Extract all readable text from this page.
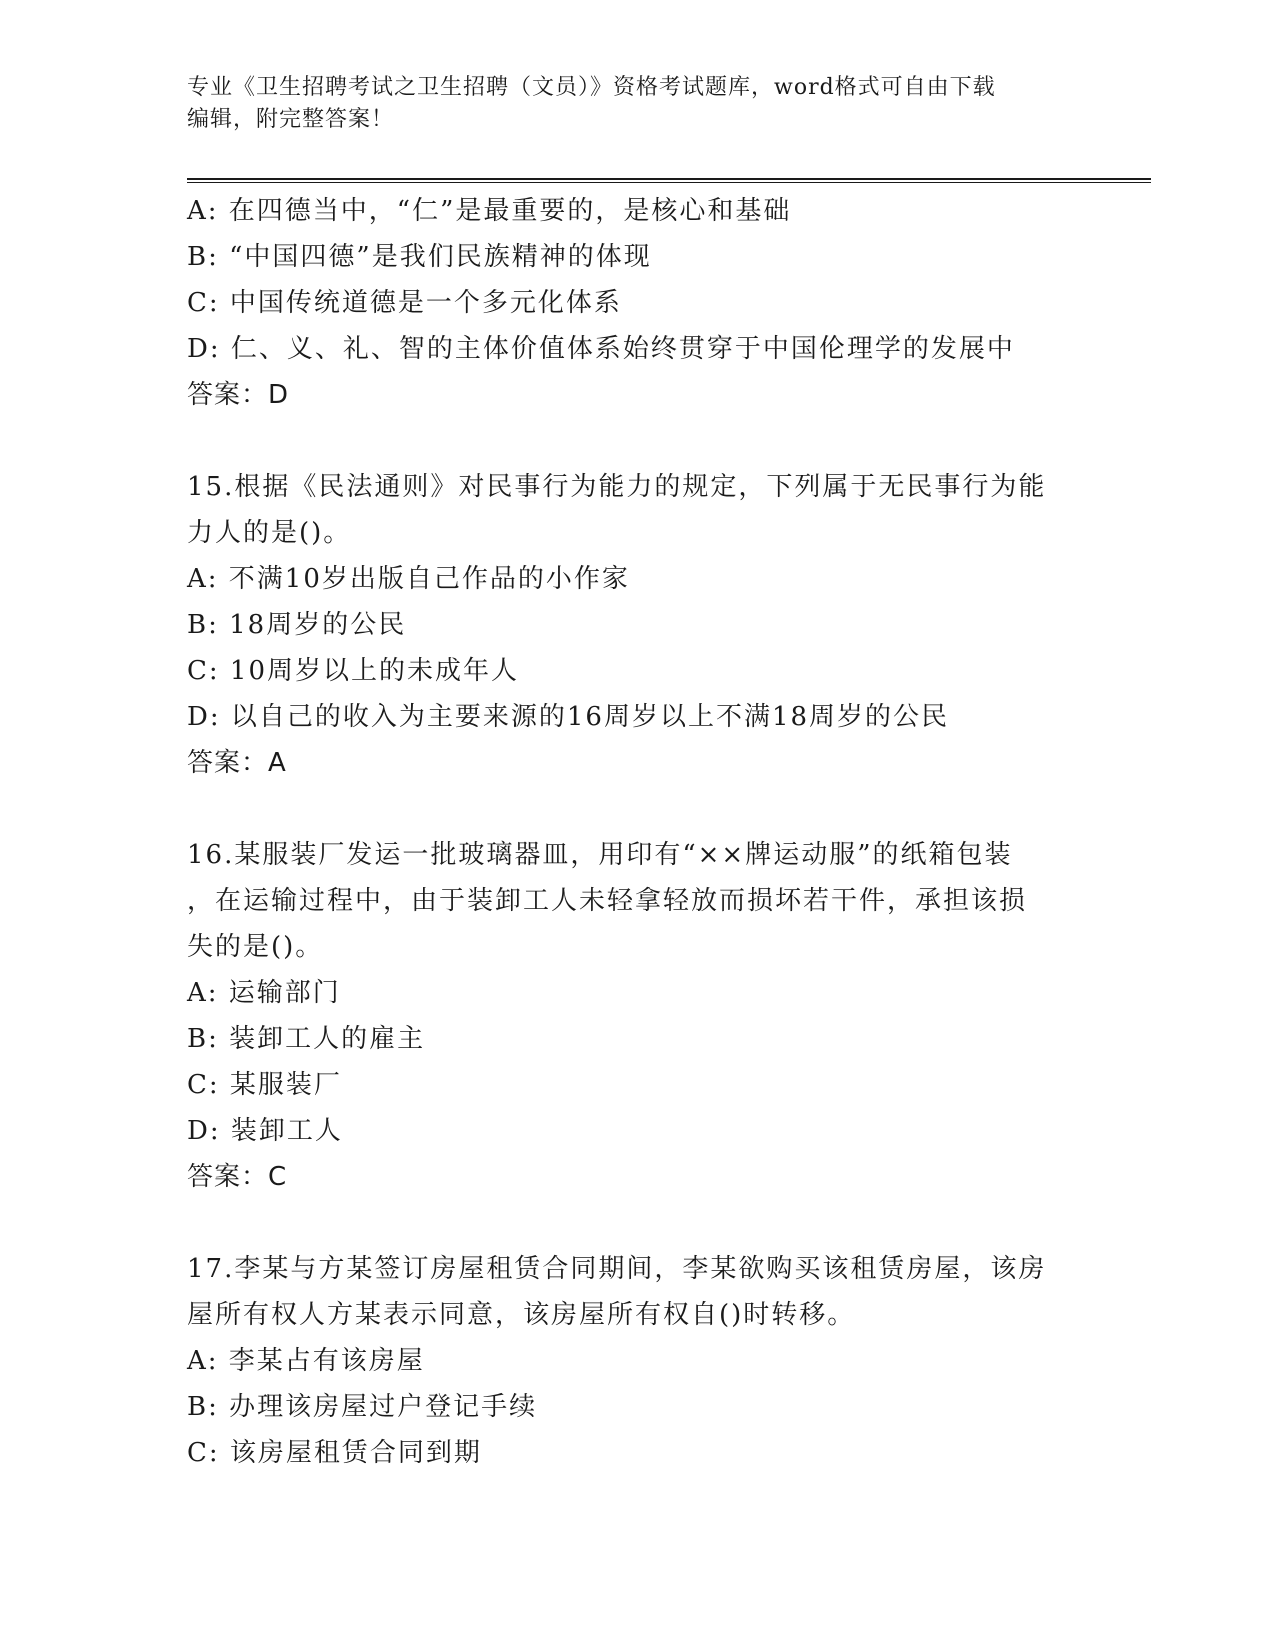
专业《卫生招聘考试之卫生招聘（文员）》资格考试题库，word格式可自由下载
编辑，附完整答案！
A: 在四德当中，“仁”是最重要的，是核心和基础
B: “中国四德”是我们民族精神的体现
C: 中国传统道德是一个多元化体系
D: 仁、义、礼、智的主体价值体系始终贯穿于中国伦理学的发展中
答案：D
15.根据《民法通则》对民事行为能力的规定，下列属于无民事行为能
力人的是()。
A: 不满10岁出版自己作品的小作家
B: 18周岁的公民
C: 10周岁以上的未成年人
D: 以自己的收入为主要来源的16周岁以上不满18周岁的公民
答案：A
16.某服装厂发运一批玻璃器皿，用印有“××牌运动服”的纸箱包装
，在运输过程中，由于装卸工人未轻拿轻放而损坏若干件，承担该损
失的是()。
A: 运输部门
B: 装卸工人的雇主
C: 某服装厂
D: 装卸工人
答案：C
17.李某与方某签订房屋租赁合同期间，李某欲购买该租赁房屋，该房
屋所有权人方某表示同意，该房屋所有权自()时转移。
A: 李某占有该房屋
B: 办理该房屋过户登记手续
C: 该房屋租赁合同到期
